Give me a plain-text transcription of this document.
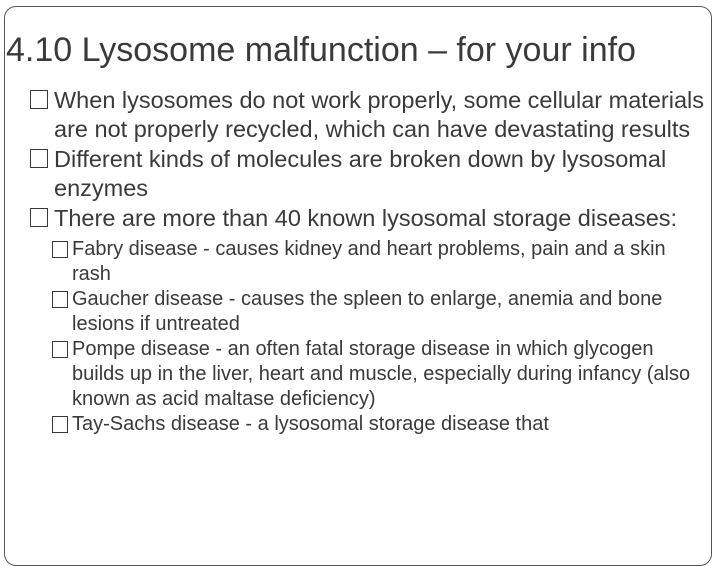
4.10 Lysosome malfunction – for your info
When lysosomes do not work properly, some cellular materials are not properly recycled, which can have devastating results
Different kinds of molecules are broken down by lysosomal enzymes
There are more than 40 known lysosomal storage diseases:
Fabry disease - causes kidney and heart problems, pain and a skin rash
Gaucher disease - causes the spleen to enlarge, anemia and bone lesions if untreated
Pompe disease - an often fatal storage disease in which glycogen builds up in the liver, heart and muscle, especially during infancy (also known as acid maltase deficiency)
Tay-Sachs disease - a lysosomal storage disease that
